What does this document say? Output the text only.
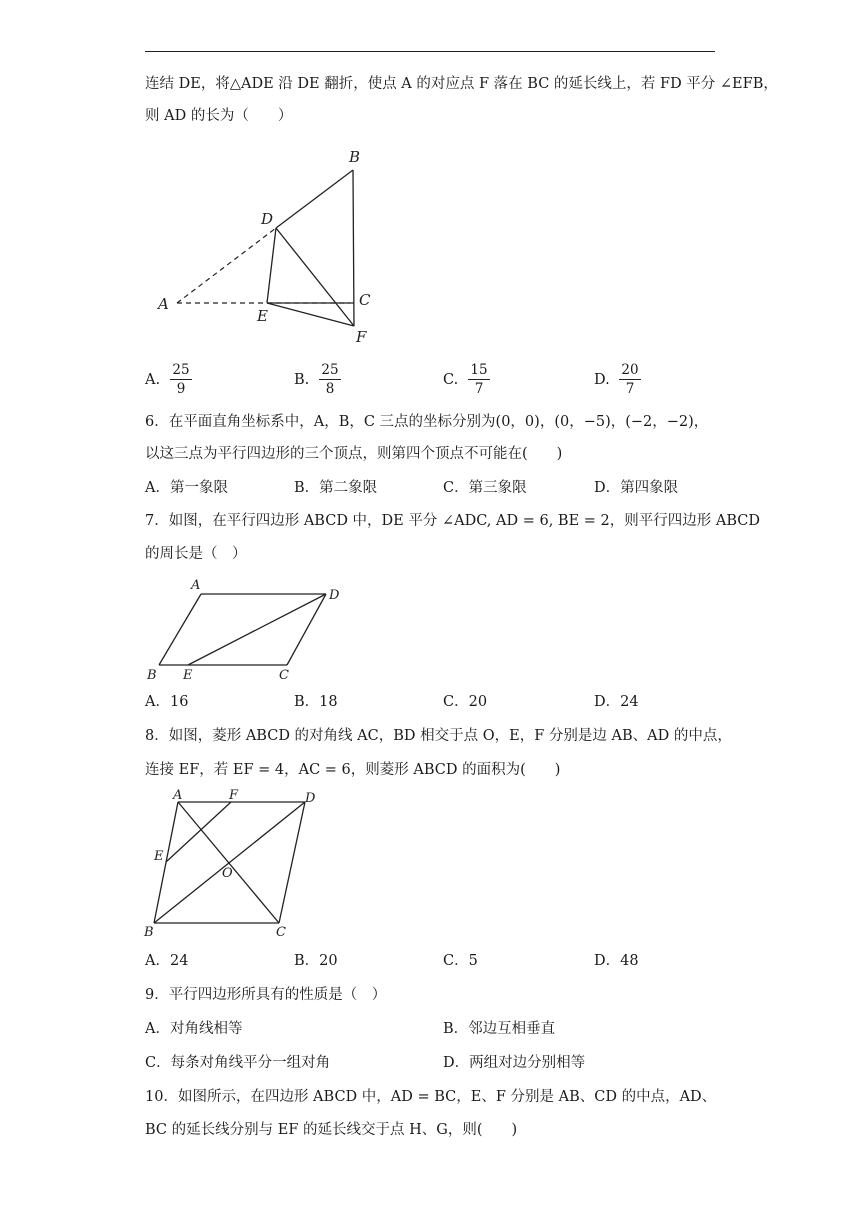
连结 DE，将△ADE 沿 DE 翻折，使点 A 的对应点 F 落在 BC 的延长线上，若 FD 平分 ∠EFB，
则 AD 的长为（　　）
B
D
A	C
E
F
A. $\frac{25}{9}$	B. $\frac{25}{8}$	C. $\frac{15}{7}$	D. $\frac{20}{7}$
6．在平面直角坐标系中，A，B，C 三点的坐标分别为(0，0)，(0，−5)，(−2，−2)，
以这三点为平行四边形的三个顶点，则第四个顶点不可能在(　　)
A．第一象限	B．第二象限	C．第三象限	D．第四象限
7．如图，在平行四边形 ABCD 中，DE 平分 ∠ADC, AD = 6, BE = 2，则平行四边形 ABCD
的周长是（　）
A
D
B E	C
A．16	B．18	C．20	D．24
8．如图，菱形 ABCD 的对角线 AC，BD 相交于点 O，E，F 分别是边 AB、AD 的中点，
连接 EF，若 EF = 4，AC = 6，则菱形 ABCD 的面积为(　　)
A	F	D
E
O
B	C
A．24	B．20	C．5	D．48
9．平行四边形所具有的性质是（　）
A．对角线相等	B．邻边互相垂直
C．每条对角线平分一组对角	D．两组对边分别相等
10．如图所示，在四边形 ABCD 中，AD = BC，E、F 分别是 AB、CD 的中点，AD、
BC 的延长线分别与 EF 的延长线交于点 H、G，则(　　)
